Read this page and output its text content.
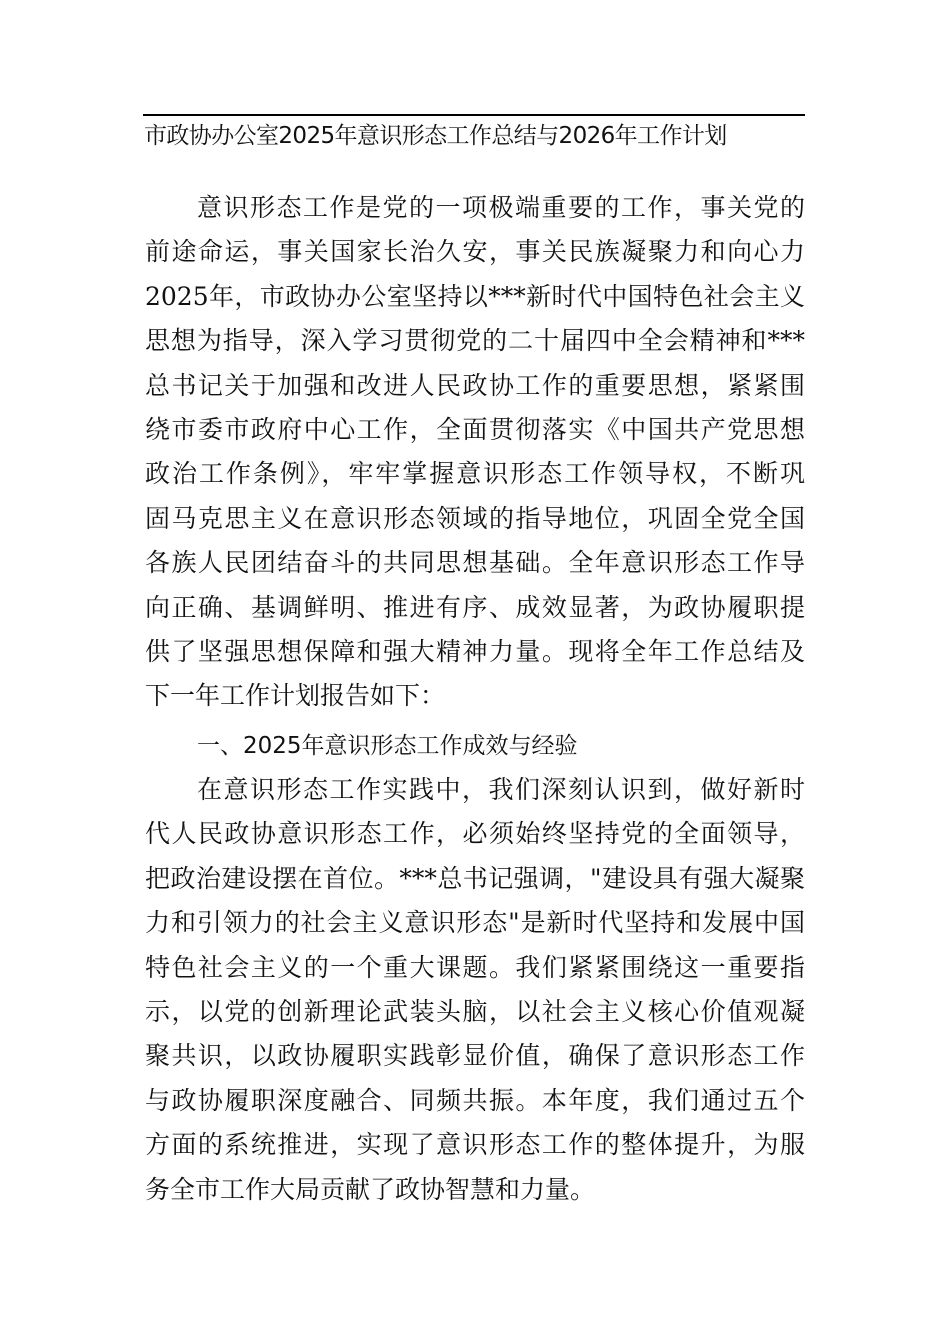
市政协办公室2025年意识形态工作总结与2026年工作计划
意识形态工作是党的一项极端重要的工作，事关党的
前途命运，事关国家长治久安，事关民族凝聚力和向心力
2025年，市政协办公室坚持以***新时代中国特色社会主义
思想为指导，深入学习贯彻党的二十届四中全会精神和***
总书记关于加强和改进人民政协工作的重要思想，紧紧围
绕市委市政府中心工作，全面贯彻落实《中国共产党思想
政治工作条例》，牢牢掌握意识形态工作领导权，不断巩
固马克思主义在意识形态领域的指导地位，巩固全党全国
各族人民团结奋斗的共同思想基础。全年意识形态工作导
向正确、基调鲜明、推进有序、成效显著，为政协履职提
供了坚强思想保障和强大精神力量。现将全年工作总结及
下一年工作计划报告如下：
一、2025年意识形态工作成效与经验
在意识形态工作实践中，我们深刻认识到，做好新时
代人民政协意识形态工作，必须始终坚持党的全面领导，
把政治建设摆在首位。***总书记强调，"建设具有强大凝聚
力和引领力的社会主义意识形态"是新时代坚持和发展中国
特色社会主义的一个重大课题。我们紧紧围绕这一重要指
示，以党的创新理论武装头脑，以社会主义核心价值观凝
聚共识，以政协履职实践彰显价值，确保了意识形态工作
与政协履职深度融合、同频共振。本年度，我们通过五个
方面的系统推进，实现了意识形态工作的整体提升，为服
务全市工作大局贡献了政协智慧和力量。
